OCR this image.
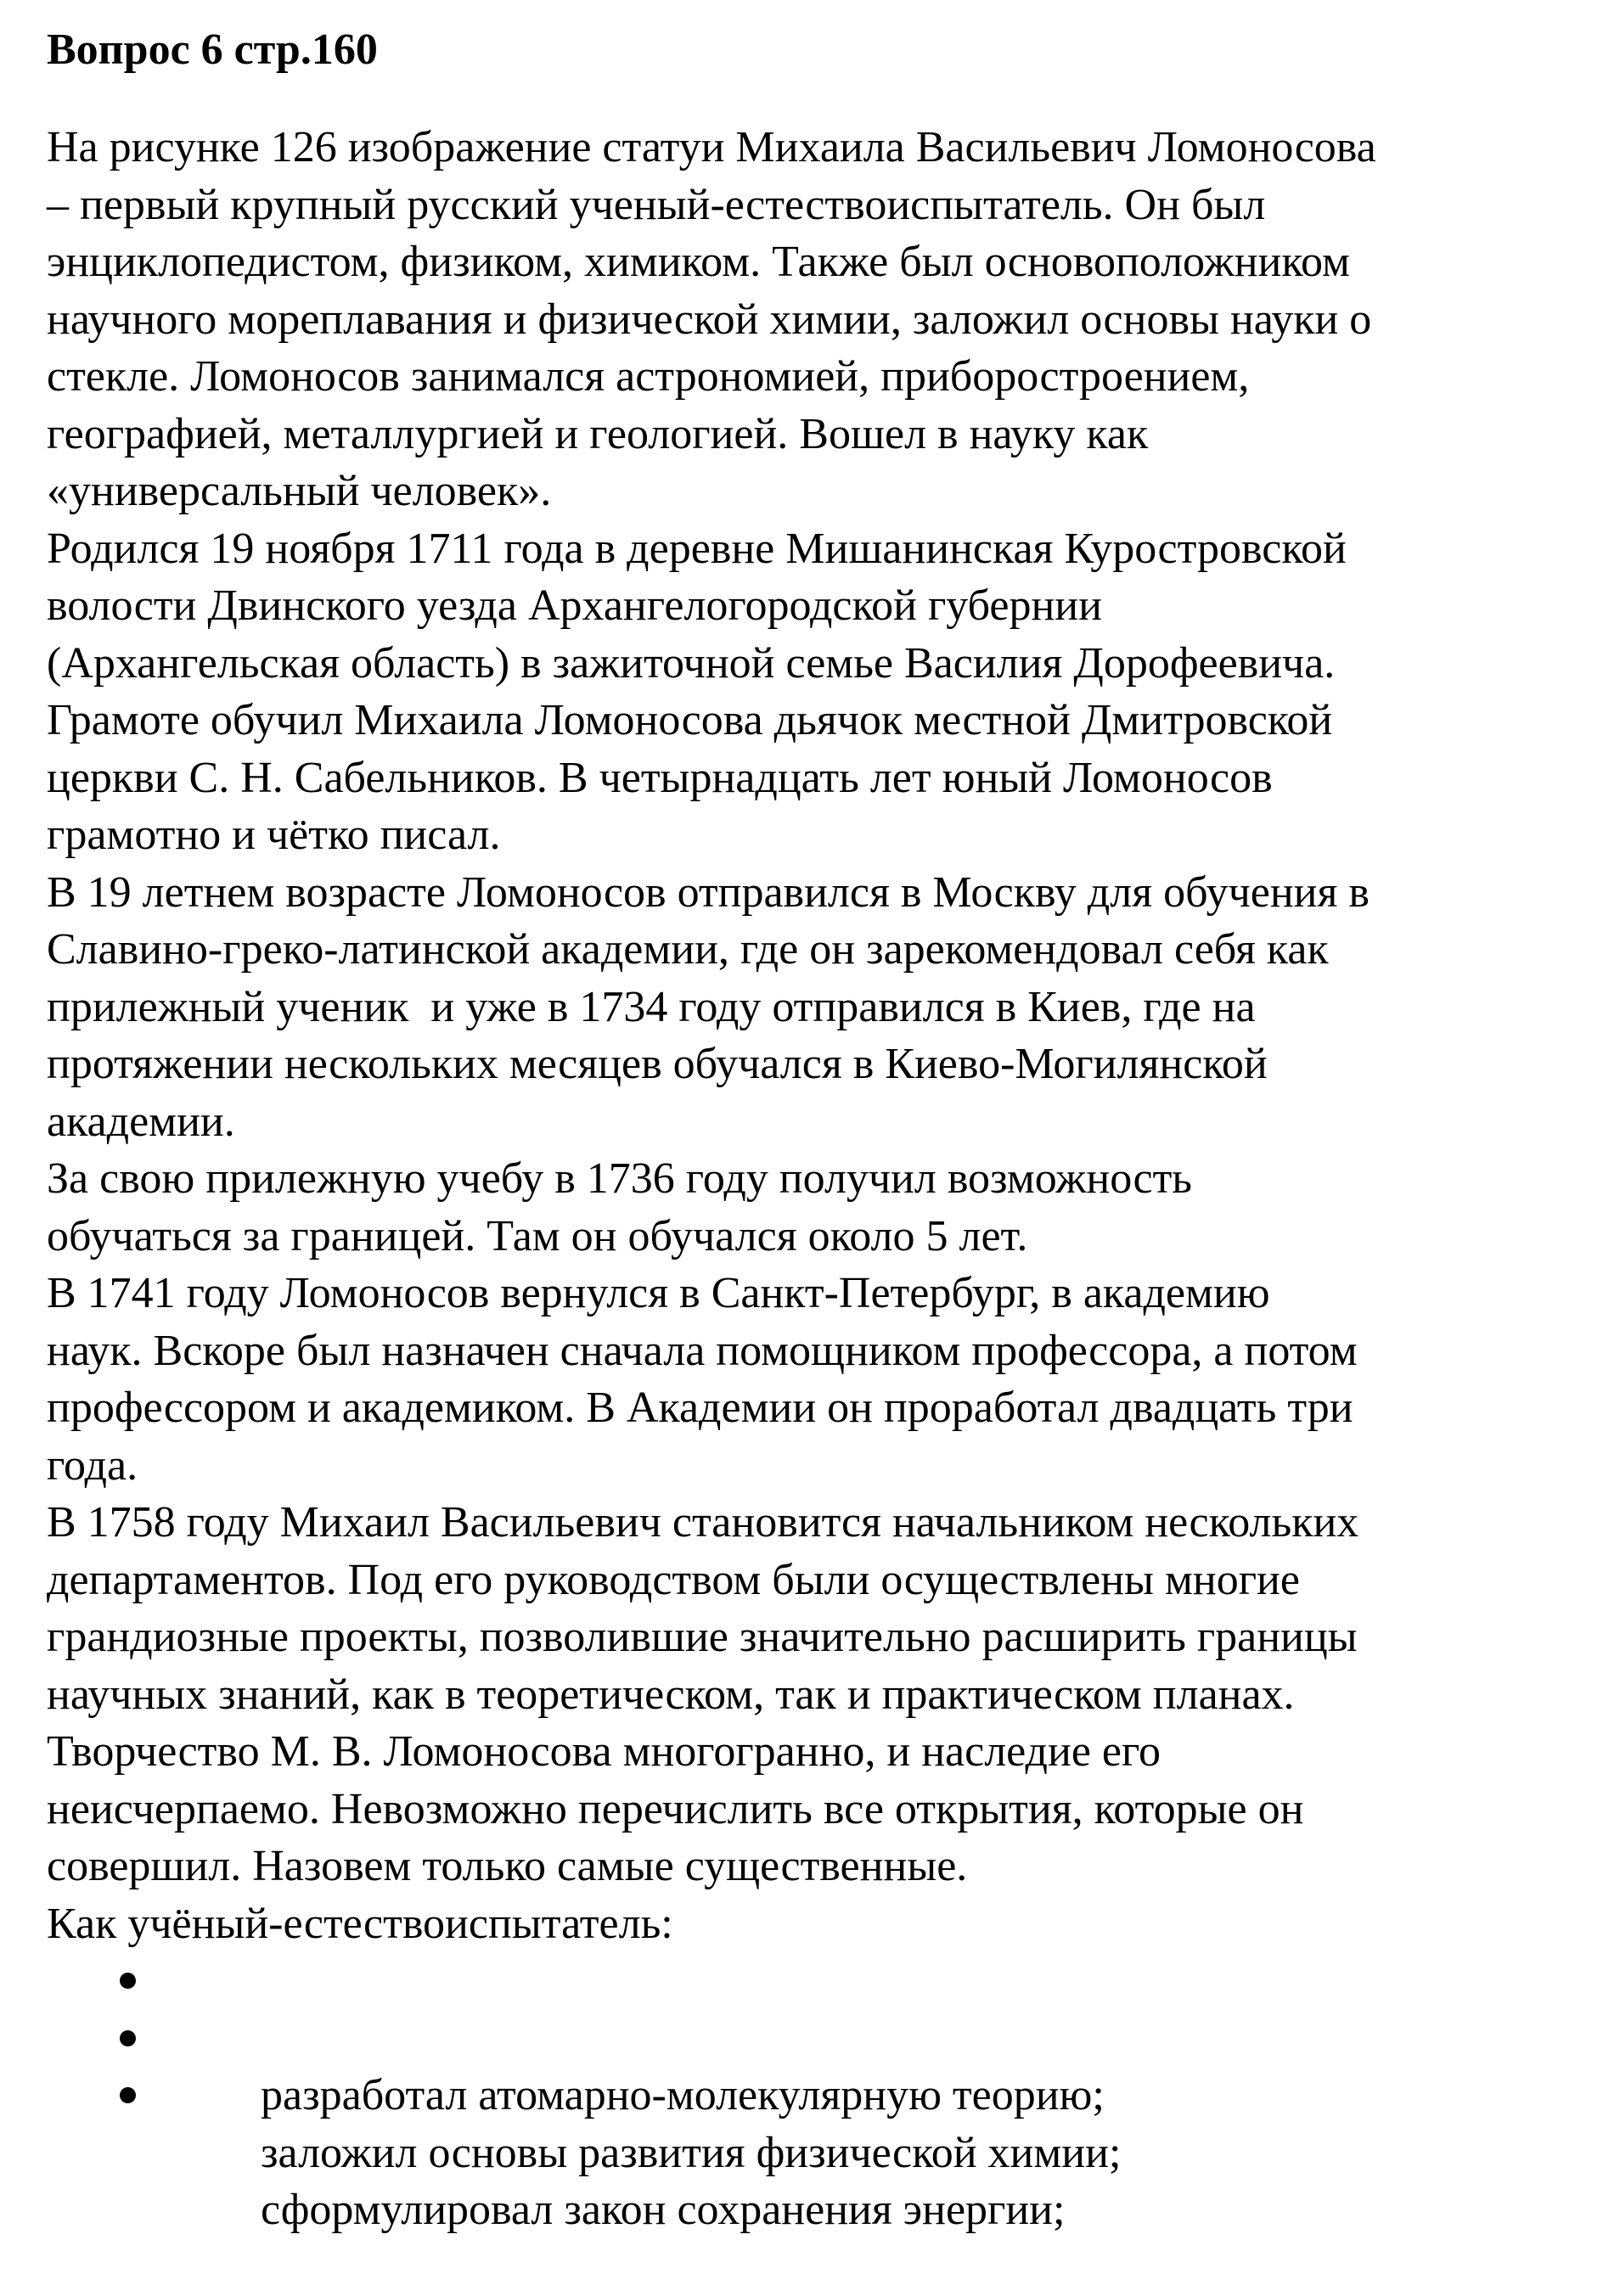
Вопрос 6 стр.160
На рисунке 126 изображение статуи Михаила Васильевич Ломоносова
– первый крупный русский ученый-естествоиспытатель. Он был
энциклопедистом, физиком, химиком. Также был основоположником
научного мореплавания и физической химии, заложил основы науки о
стекле. Ломоносов занимался астрономией, приборостроением,
географией, металлургией и геологией. Вошел в науку как
«универсальный человек».
Родился 19 ноября 1711 года в деревне Мишанинская Куростровской
волости Двинского уезда Архангелогородской губернии
(Архангельская область) в зажиточной семье Василия Дорофеевича.
Грамоте обучил Михаила Ломоносова дьячок местной Дмитровской
церкви С. Н. Сабельников. В четырнадцать лет юный Ломоносов
грамотно и чётко писал.
В 19 летнем возрасте Ломоносов отправился в Москву для обучения в
Славино-греко-латинской академии, где он зарекомендовал себя как
прилежный ученик  и уже в 1734 году отправился в Киев, где на
протяжении нескольких месяцев обучался в Киево-Могилянской
академии.
За свою прилежную учебу в 1736 году получил возможность
обучаться за границей. Там он обучался около 5 лет.
В 1741 году Ломоносов вернулся в Санкт-Петербург, в академию
наук. Вскоре был назначен сначала помощником профессора, а потом
профессором и академиком. В Академии он проработал двадцать три
года.
В 1758 году Михаил Васильевич становится начальником нескольких
департаментов. Под его руководством были осуществлены многие
грандиозные проекты, позволившие значительно расширить границы
научных знаний, как в теоретическом, так и практическом планах.
Творчество М. В. Ломоносова многогранно, и наследие его
неисчерпаемо. Невозможно перечислить все открытия, которые он
совершил. Назовем только самые существенные.
Как учёный-естествоиспытатель:

разработал атомарно-молекулярную теорию;

заложил основы развития физической химии;

сформулировал закон сохранения энергии;
